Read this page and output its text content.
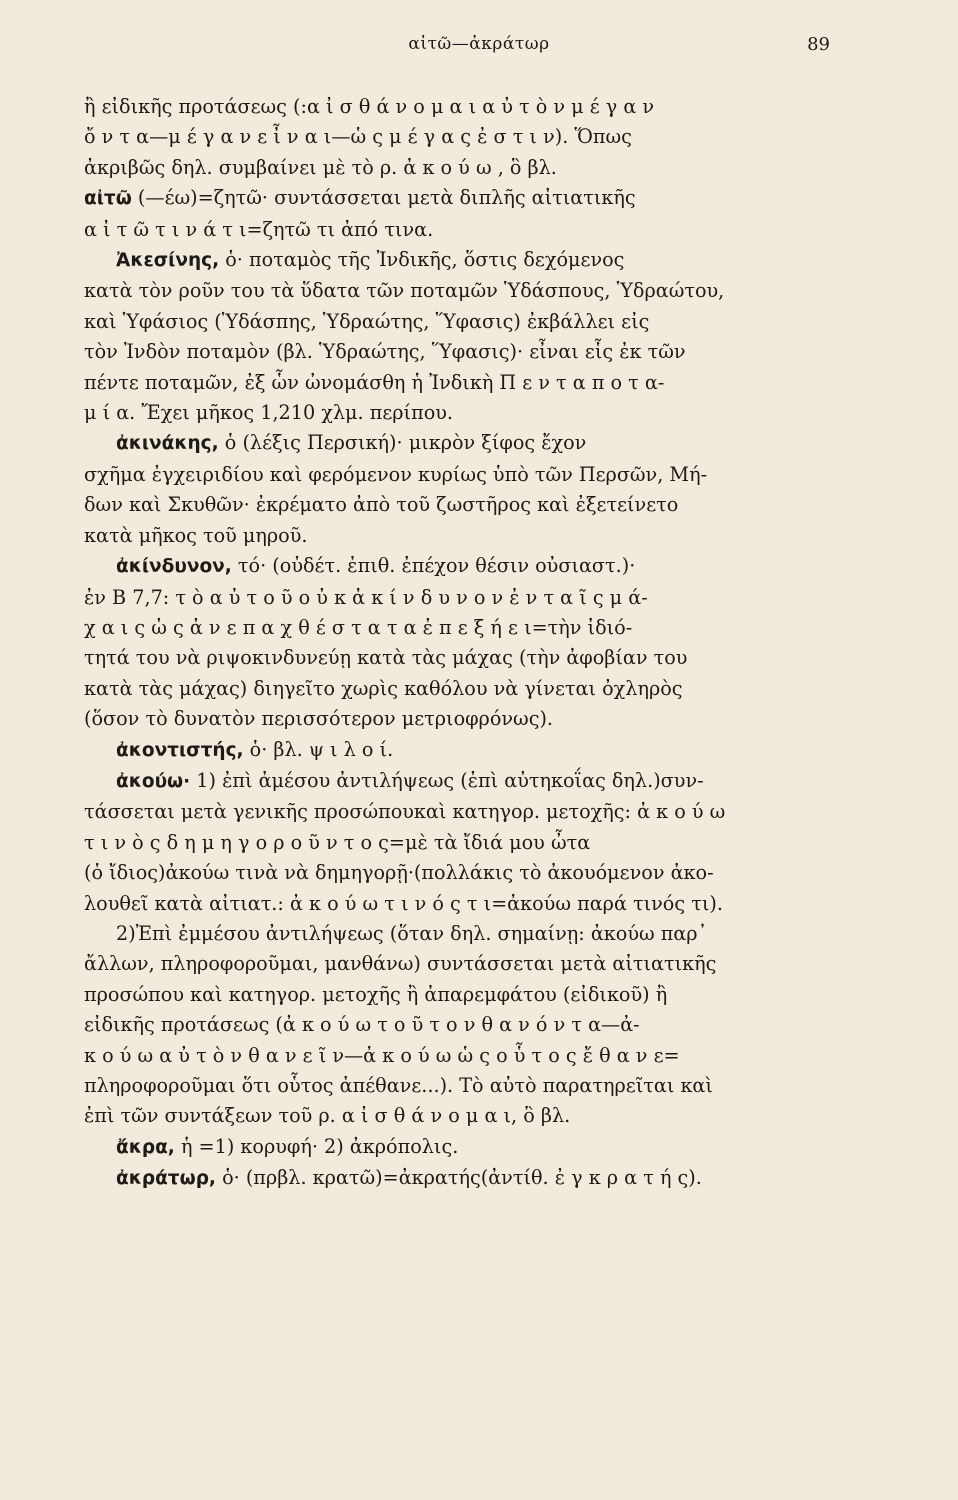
αἰτῶ—ἀκράτωρ	89
ἢ εἰδικῆς προτάσεως (:α ἰ σ θ ά ν ο μ α ι α ὐ τ ὸ ν μ έ γ α ν
ὄ ν τ α—μ έ γ α ν ε ἶ ν α ι—ὡ ς μ έ γ α ς ἐ σ τ ι ν). Ὅπως
ἀκριβῶς δηλ. συμβαίνει μὲ τὸ ρ. ἀ κ ο ύ ω , ὃ βλ.
αἰτῶ (—έω)=ζητῶ· συντάσσεται μετὰ διπλῆς αἰτιατικῆς
α ἰ τ ῶ τ ι ν ά τ ι=ζητῶ τι ἀπό τινα.
Ἀκεσίνης, ὁ· ποταμὸς τῆς Ἰνδικῆς, ὅστις δεχόμενος
κατὰ τὸν ροῦν του τὰ ὕδατα τῶν ποταμῶν Ὑδάσπους, Ὑδραώτου,
καὶ Ὑφάσιος (Ὑδάσπης, Ὑδραώτης, Ὕφασις) ἐκβάλλει εἰς
τὸν Ἰνδὸν ποταμὸν (βλ. Ὑδραώτης, Ὕφασις)· εἶναι εἷς ἐκ τῶν
πέντε ποταμῶν, ἐξ ὧν ὠνομάσθη ἡ Ἰνδικὴ Π ε ν τ α π ο τ α-
μ ί α. Ἔχει μῆκος 1,210 χλμ. περίπου.
ἀκινάκης, ὁ (λέξις Περσική)· μικρὸν ξίφος ἔχον
σχῆμα ἐγχειριδίου καὶ φερόμενον κυρίως ὑπὸ τῶν Περσῶν, Μή-
δων καὶ Σκυθῶν· ἐκρέματο ἀπὸ τοῦ ζωστῆρος καὶ ἐξετείνετο
κατὰ μῆκος τοῦ μηροῦ.
ἀκίνδυνον, τό· (οὐδέτ. ἐπιθ. ἐπέχον θέσιν οὐσιαστ.)·
ἐν Β 7,7: τ ὸ α ὐ τ ο ῦ ο ὐ κ ἀ κ ί ν δ υ ν ο ν ἐ ν τ α ῖ ς μ ά-
χ α ι ς ὡ ς ἀ ν ε π α χ θ έ σ τ α τ α ἐ π ε ξ ή ε ι=τὴν ἰδιό-
τητά του νὰ ριψοκινδυνεύῃ κατὰ τὰς μάχας (τὴν ἀφοβίαν του
κατὰ τὰς μάχας) διηγεῖτο χωρὶς καθόλου νὰ γίνεται ὀχληρὸς
(ὅσον τὸ δυνατὸν περισσότερον μετριοφρόνως).
ἀκοντιστής, ὁ· βλ. ψ ι λ ο ί.
ἀκούω· 1) ἐπὶ ἀμέσου ἀντιλήψεως (ἐπὶ αὐτηκοΐας δηλ.)συν-
τάσσεται μετὰ γενικῆς προσώπουκαὶ κατηγορ. μετοχῆς: ἀ κ ο ύ ω
τ ι ν ὸ ς δ η μ η γ ο ρ ο ῦ ν τ ο ς=μὲ τὰ ἴδιά μου ὦτα
(ὁ ἴδιος)ἀκούω τινὰ νὰ δημηγορῇ·(πολλάκις τὸ ἀκουόμενον ἀκο-
λουθεῖ κατὰ αἰτιατ.: ἀ κ ο ύ ω τ ι ν ό ς τ ι=ἀκούω παρά τινός τι).
2)Ἐπὶ ἐμμέσου ἀντιλήψεως (ὅταν δηλ. σημαίνῃ: ἀκούω παρ᾽
ἄλλων, πληροφοροῦμαι, μανθάνω) συντάσσεται μετὰ αἰτιατικῆς
προσώπου καὶ κατηγορ. μετοχῆς ἢ ἀπαρεμφάτου (εἰδικοῦ) ἢ
εἰδικῆς προτάσεως (ἀ κ ο ύ ω τ ο ῦ τ ο ν θ α ν ό ν τ α—ἀ-
κ ο ύ ω α ὐ τ ὸ ν θ α ν ε ῖ ν—ἀ κ ο ύ ω ὡ ς ο ὗ τ ο ς ἔ θ α ν ε=
πληροφοροῦμαι ὅτι οὗτος ἀπέθανε...). Τὸ αὐτὸ παρατηρεῖται καὶ
ἐπὶ τῶν συντάξεων τοῦ ρ. α ἰ σ θ ά ν ο μ α ι, ὃ βλ.
ἄκρα, ἡ =1) κορυφή· 2) ἀκρόπολις.
ἀκράτωρ, ὁ· (πρβλ. κρατῶ)=ἀκρατής(ἀντίθ. ἐ γ κ ρ α τ ή ς).
